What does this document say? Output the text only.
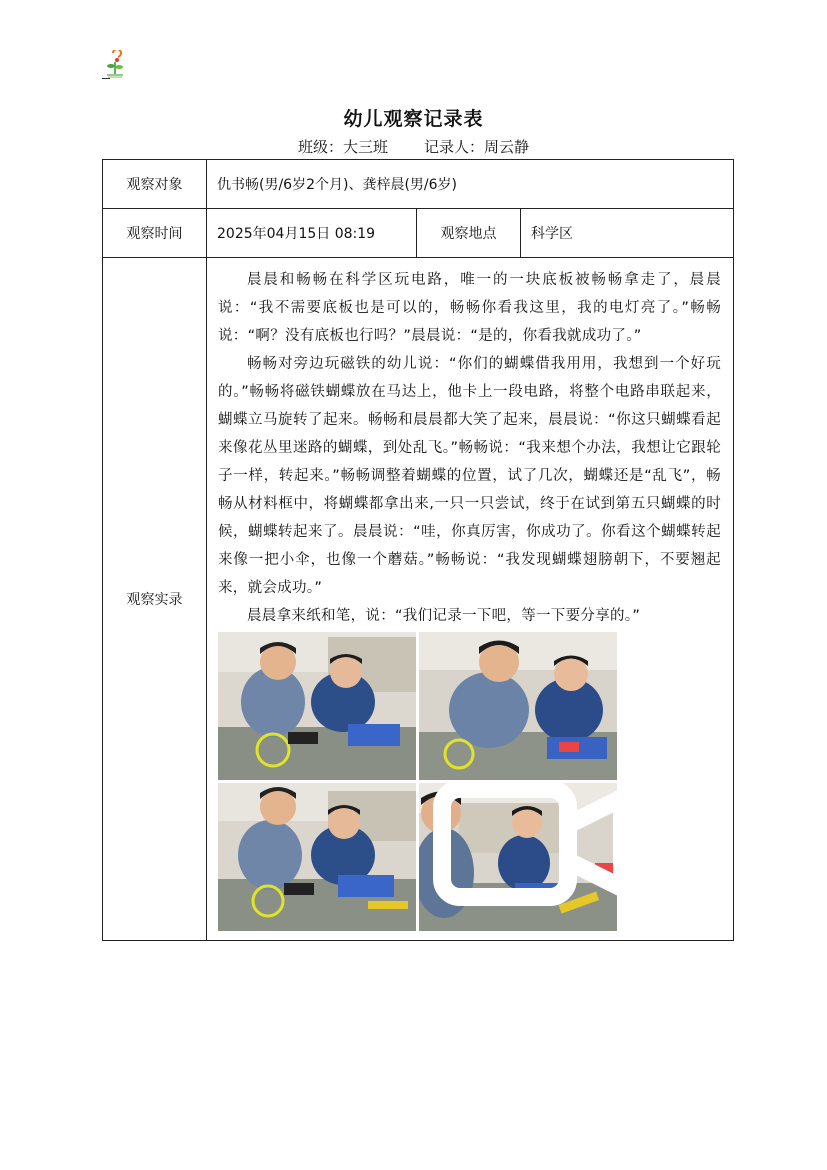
幼儿观察记录表
班级：大三班 记录人：周云静
观察对象	仇书畅(男/6岁2个月)、龚梓晨(男/6岁)		
观察时间	2025年04月15日 08:19	观察地点	科学区
观察实录	晨晨和畅畅在科学区玩电路，唯一的一块底板被畅畅拿走了，晨晨说：“我不需要底板也是可以的，畅畅你看我这里，我的电灯亮了。”畅畅说：“啊？没有底板也行吗？”晨晨说：“是的，你看我就成功了。”

畅畅对旁边玩磁铁的幼儿说：“你们的蝴蝶借我用用，我想到一个好玩的。”畅畅将磁铁蝴蝶放在马达上，他卡上一段电路，将整个电路串联起来，蝴蝶立马旋转了起来。畅畅和晨晨都大笑了起来，晨晨说：“你这只蝴蝶看起来像花丛里迷路的蝴蝶，到处乱飞。”畅畅说：“我来想个办法，我想让它跟轮子一样，转起来。”畅畅调整着蝴蝶的位置，试了几次，蝴蝶还是“乱飞”，畅畅从材料框中，将蝴蝶都拿出来,一只一只尝试，终于在试到第五只蝴蝶的时候，蝴蝶转起来了。晨晨说：“哇，你真厉害，你成功了。你看这个蝴蝶转起来像一把小伞，也像一个蘑菇。”畅畅说：“我发现蝴蝶翅膀朝下，不要翘起来，就会成功。”

晨晨拿来纸和笔，说：“我们记录一下吧，等一下要分享的。”		
